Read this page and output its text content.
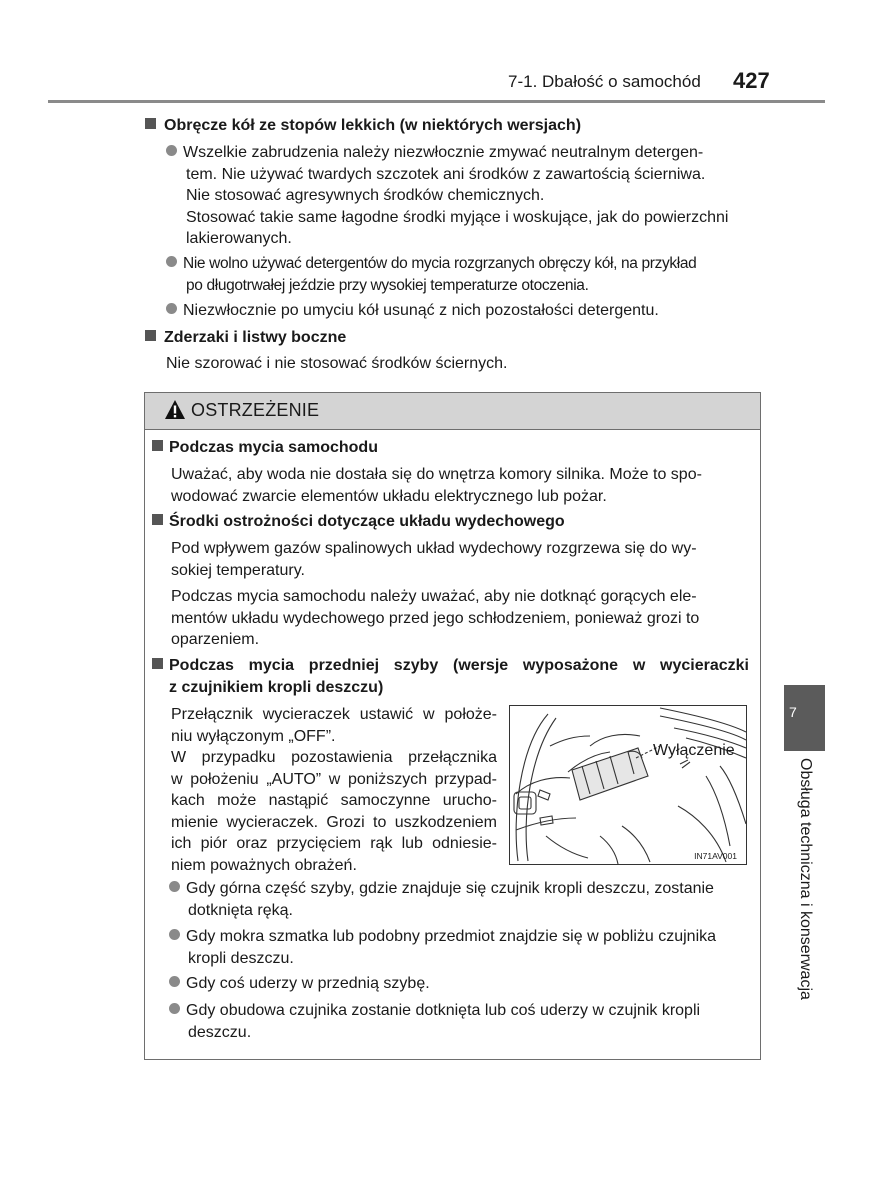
7-1. Dbałość o samochód 427
Obręcze kół ze stopów lekkich (w niektórych wersjach)
Wszelkie zabrudzenia należy niezwłocznie zmywać neutralnym detergen-
tem. Nie używać twardych szczotek ani środków z zawartością ścierniwa.
Nie stosować agresywnych środków chemicznych.
Stosować takie same łagodne środki myjące i woskujące, jak do powierzchni
lakierowanych.
Nie wolno używać detergentów do mycia rozgrzanych obręczy kół, na przykład
po długotrwałej jeździe przy wysokiej temperaturze otoczenia.
Niezwłocznie po umyciu kół usunąć z nich pozostałości detergentu.
Zderzaki i listwy boczne
Nie szorować i nie stosować środków ściernych.
OSTRZEŻENIE
Podczas mycia samochodu
Uważać, aby woda nie dostała się do wnętrza komory silnika. Może to spo-
wodować zwarcie elementów układu elektrycznego lub pożar.
Środki ostrożności dotyczące układu wydechowego
Pod wpływem gazów spalinowych układ wydechowy rozgrzewa się do wy-
sokiej temperatury.
Podczas mycia samochodu należy uważać, aby nie dotknąć gorących ele-
mentów układu wydechowego przed jego schłodzeniem, ponieważ grozi to
oparzeniem.
Podczas mycia przedniej szyby (wersje wyposażone w wycieraczki
z czujnikiem kropli deszczu)
Przełącznik wycieraczek ustawić w położe-
niu wyłączonym „OFF”.
W przypadku pozostawienia przełącznika
w położeniu „AUTO” w poniższych przypad-
kach może nastąpić samoczynne urucho-
mienie wycieraczek. Grozi to uszkodzeniem
ich piór oraz przycięciem rąk lub odniesie-
niem poważnych obrażeń.
Gdy górna część szyby, gdzie znajduje się czujnik kropli deszczu, zostanie
dotknięta ręką.
Gdy mokra szmatka lub podobny przedmiot znajdzie się w pobliżu czujnika
kropli deszczu.
Gdy coś uderzy w przednią szybę.
Gdy obudowa czujnika zostanie dotknięta lub coś uderzy w czujnik kropli
deszczu.
Wyłączenie
IN71AV001
7
Obsługa techniczna i konserwacja
